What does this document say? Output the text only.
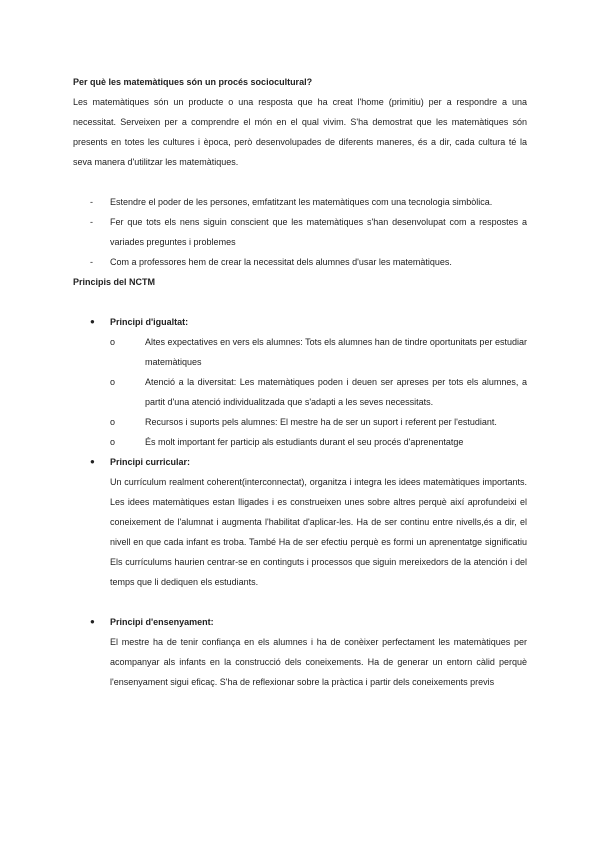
Per què les matemàtiques són un procés sociocultural?

Les matemàtiques són un producte o una resposta que ha creat l'home (primitiu) per a respondre a una necessitat. Serveixen per a comprendre el món en el qual vivim. S'ha demostrat que les matemàtiques són presents en totes les cultures i època, però desenvolupades de diferents maneres, és a dir, cada cultura té la seva manera d'utilitzar les matemàtiques.

- Estendre el poder de les persones, emfatitzant les matemàtiques com una tecnologia simbòlica.
- Fer que tots els nens siguin conscient que les matemàtiques s'han desenvolupat com a respostes a variades preguntes i problemes
- Com a professores hem de crear la necessitat dels alumnes d'usar les matemàtiques.
Principis del NCTM
● Principi d'igualtat:
o	Altes expectatives en vers els alumnes: Tots els alumnes han de tindre oportunitats per estudiar matemàtiques
o	Atenció a la diversitat: Les matemàtiques poden i deuen ser apreses per tots els alumnes, a partit d'una atenció individualitzada que s'adapti a les seves necessitats.
o	Recursos i suports pels alumnes: El mestre ha de ser un suport i referent per l'estudiant.
o	És molt important fer particip als estudiants durant el seu procés d'aprenentatge
● Principi curricular:
Un currículum realment coherent(interconnectat), organitza i integra les idees matemàtiques importants. Les idees matemàtiques estan lligades i es construeixen unes sobre altres perquè així aprofundeixi el coneixement de l'alumnat i augmenta l'habilitat d'aplicar-les. Ha de ser continu entre nivells,és a dir, el nivell en que cada infant es troba. També Ha de ser efectiu perquè es formi un aprenentatge significatiu Els currículums haurien centrar-se en continguts i processos que siguin mereixedors de la atención i del temps que li dediquen els estudiants.
● Principi d'ensenyament:
El mestre ha de tenir confiança en els alumnes i ha de conèixer perfectament les matemàtiques per acompanyar als infants en la construcció dels coneixements. Ha de generar un entorn càlid perquè l'ensenyament sigui eficaç. S'ha de reflexionar sobre la pràctica i partir dels coneixements previs
